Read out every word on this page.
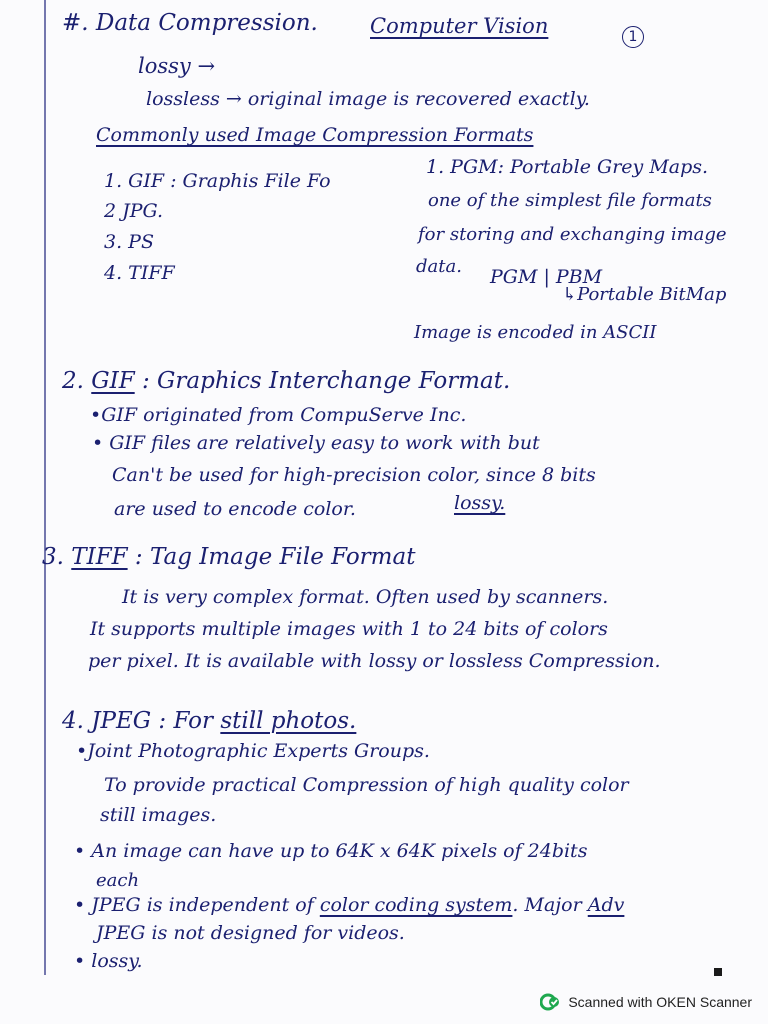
#. Data Compression. Computer Vision	1
lossy →
lossless → original image is recovered exactly.
Commonly used Image Compression Formats
1. GIF : Graphis File Fo
2 JPG.
3. PS
4. TIFF
1. PGM: Portable Grey Maps.
one of the simplest file formats
for storing and exchanging image
data. PGM | PBM
↳Portable BitMap
Image is encoded in ASCII
2. GIF : Graphics Interchange Format.
•GIF originated from CompuServe Inc.
• GIF files are relatively easy to work with but
Can't be used for high-precision color, since 8 bits
are used to encode color.	lossy.
3. TIFF : Tag Image File Format
It is very complex format. Often used by scanners.
It supports multiple images with 1 to 24 bits of colors
per pixel. It is available with lossy or lossless Compression.
4. JPEG : For still photos.
•Joint Photographic Experts Groups.
To provide practical Compression of high quality color
still images.
• An image can have up to 64K x 64K pixels of 24bits
each
• JPEG is independent of color coding system. Major Adv
JPEG is not designed for videos.
• lossy.
Scanned with OKEN Scanner
